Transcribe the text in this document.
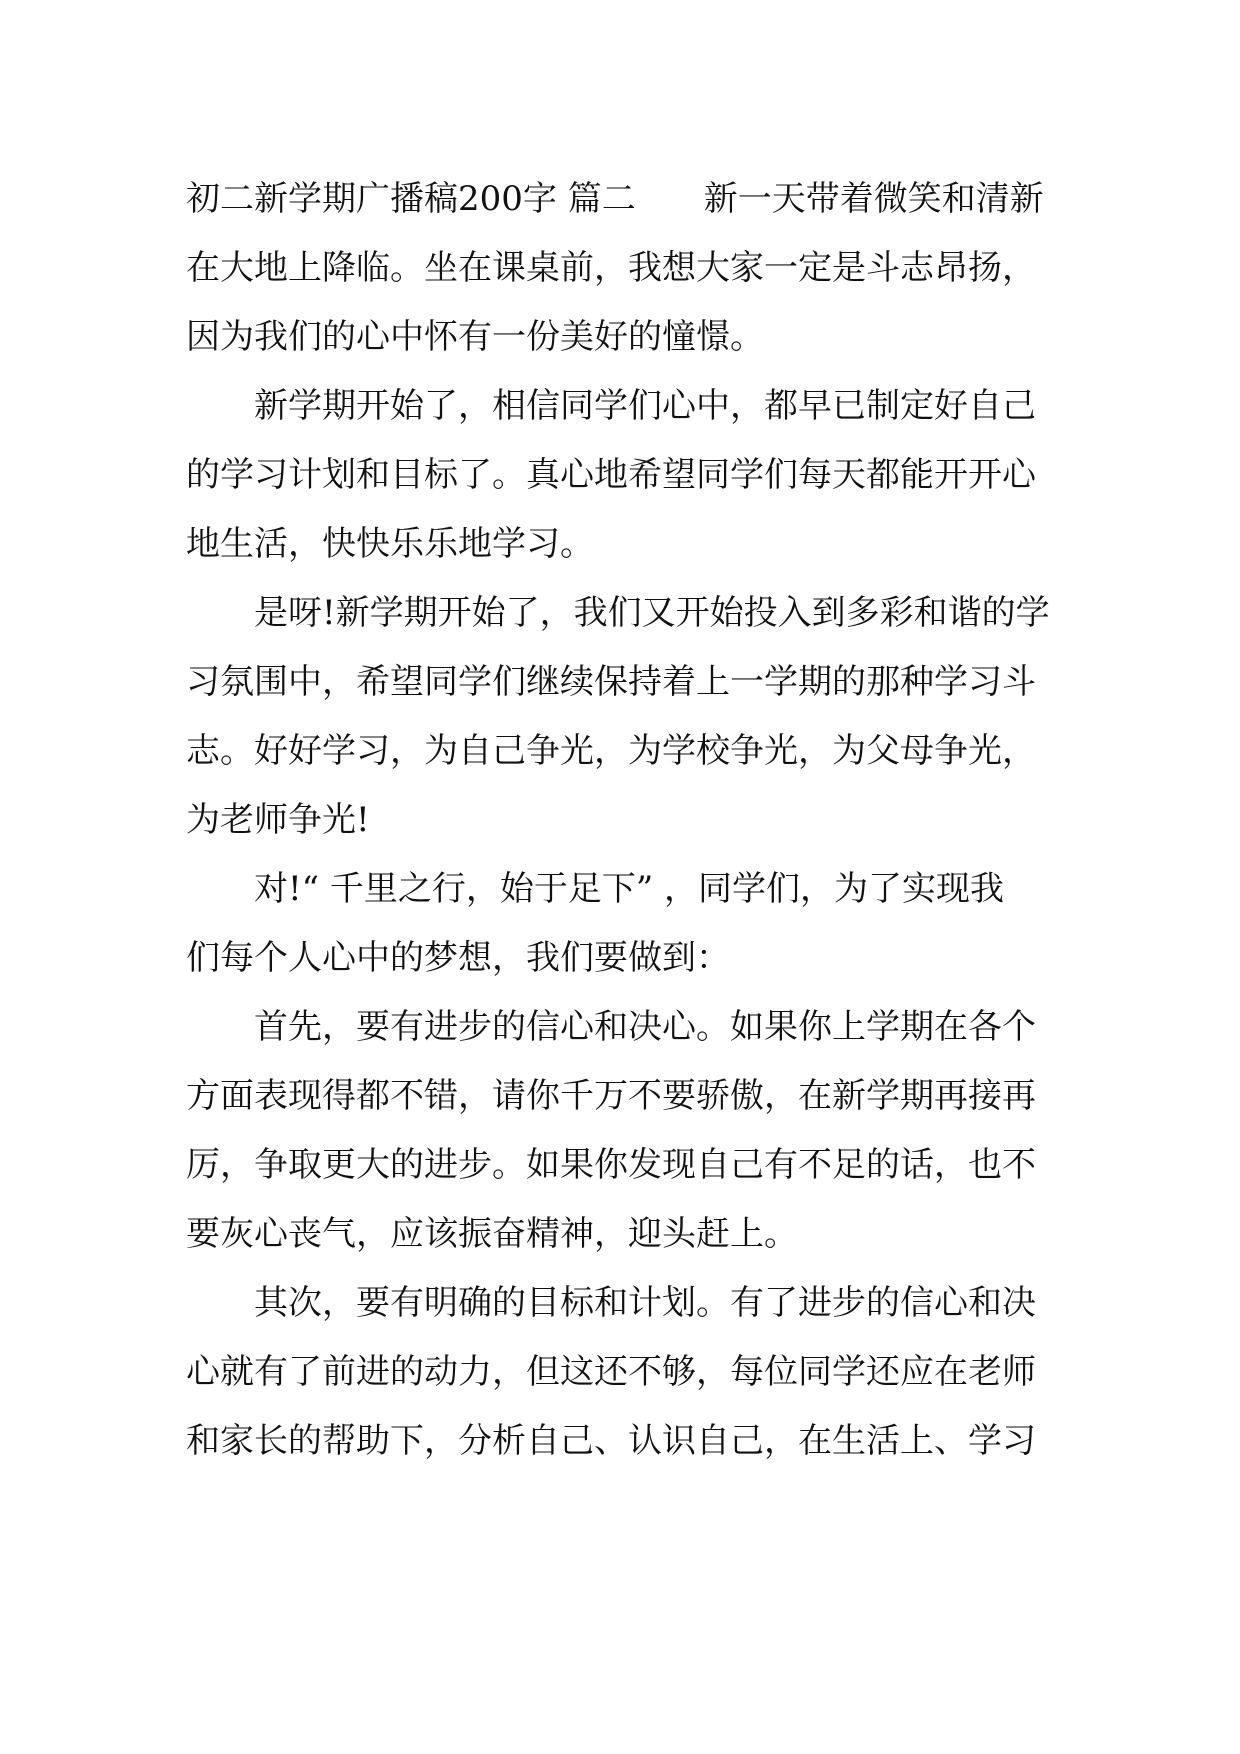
初二新学期广播稿200字 篇二　　新一天带着微笑和清新
在大地上降临。坐在课桌前，我想大家一定是斗志昂扬，
因为我们的心中怀有一份美好的憧憬。
新学期开始了，相信同学们心中，都早已制定好自己
的学习计划和目标了。真心地希望同学们每天都能开开心
地生活，快快乐乐地学习。
是呀!新学期开始了，我们又开始投入到多彩和谐的学
习氛围中，希望同学们继续保持着上一学期的那种学习斗
志。好好学习，为自己争光，为学校争光，为父母争光，
为老师争光!
对!“ 千里之行，始于足下” ，同学们，为了实现我
们每个人心中的梦想，我们要做到：
首先，要有进步的信心和决心。如果你上学期在各个
方面表现得都不错，请你千万不要骄傲，在新学期再接再
厉，争取更大的进步。如果你发现自己有不足的话，也不
要灰心丧气，应该振奋精神，迎头赶上。
其次，要有明确的目标和计划。有了进步的信心和决
心就有了前进的动力，但这还不够，每位同学还应在老师
和家长的帮助下，分析自己、认识自己，在生活上、学习
